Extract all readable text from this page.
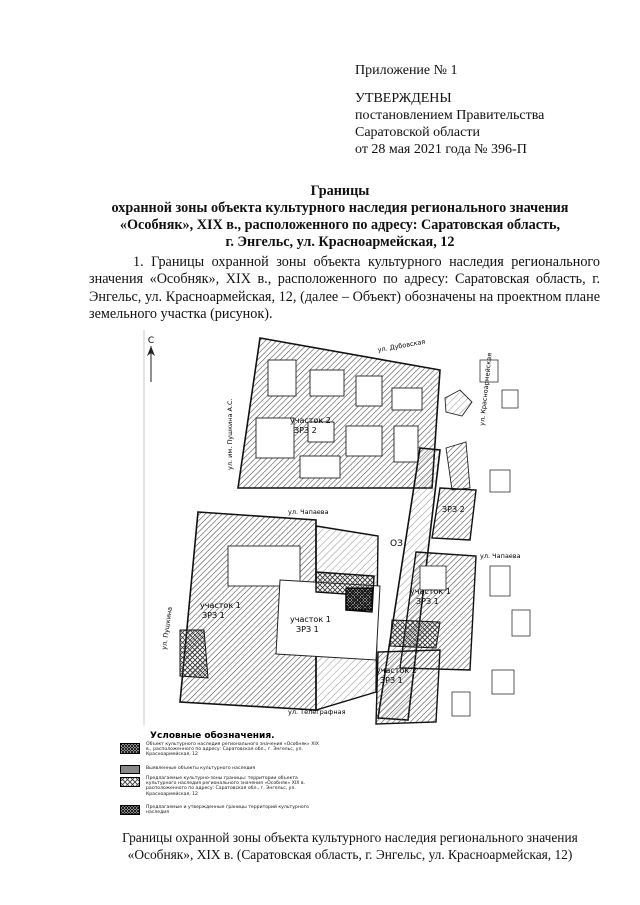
Приложение № 1
УТВЕРЖДЕНЫ
постановлением Правительства
Саратовской области
от 28 мая 2021 года № 396-П
Границы
охранной зоны объекта культурного наследия регионального значения
«Особняк», XIX в., расположенного по адресу: Саратовская область,
г. Энгельс, ул. Красноармейская, 12
1. Границы охранной зоны объекта культурного наследия регионального значения «Особняк», XIX в., расположенного по адресу: Саратовская область, г. Энгельс, ул. Красноармейская, 12, (далее – Объект) обозначены на проектном плане земельного участка (рисунок).
С
участок 2
ЗРЗ 2
ОЗ
ЗРЗ 2
участок 1
ЗРЗ 1	участок 1
ЗРЗ 1
участок 1
ЗРЗ 1
участок 2
ЗРЗ 1
ул. Дубовская
ул. им. Пушкина А.С.
ул. Красноармейская
ул. Чапаева
ул. Чапаева
ул. Пушкина
ул. Телеграфная
Условные обозначения.
Объект культурного наследия регионального значения «Особняк» XIX в., расположенного по адресу: Саратовская обл., г. Энгельс, ул. Красноармейская, 12
Выявленные объекты культурного наследия
Предлагаемые культурно-зоны границы: территории объекта культурного наследия регионального значения «Особняк» XIX в. расположенного по адресу: Саратовская обл., г. Энгельс, ул. Красноармейская, 12
Предлагаемые и утвержденные границы территорий культурного наследия
Границы охранной зоны объекта культурного наследия регионального значения
«Особняк», XIX в. (Саратовская область, г. Энгельс, ул. Красноармейская, 12)
